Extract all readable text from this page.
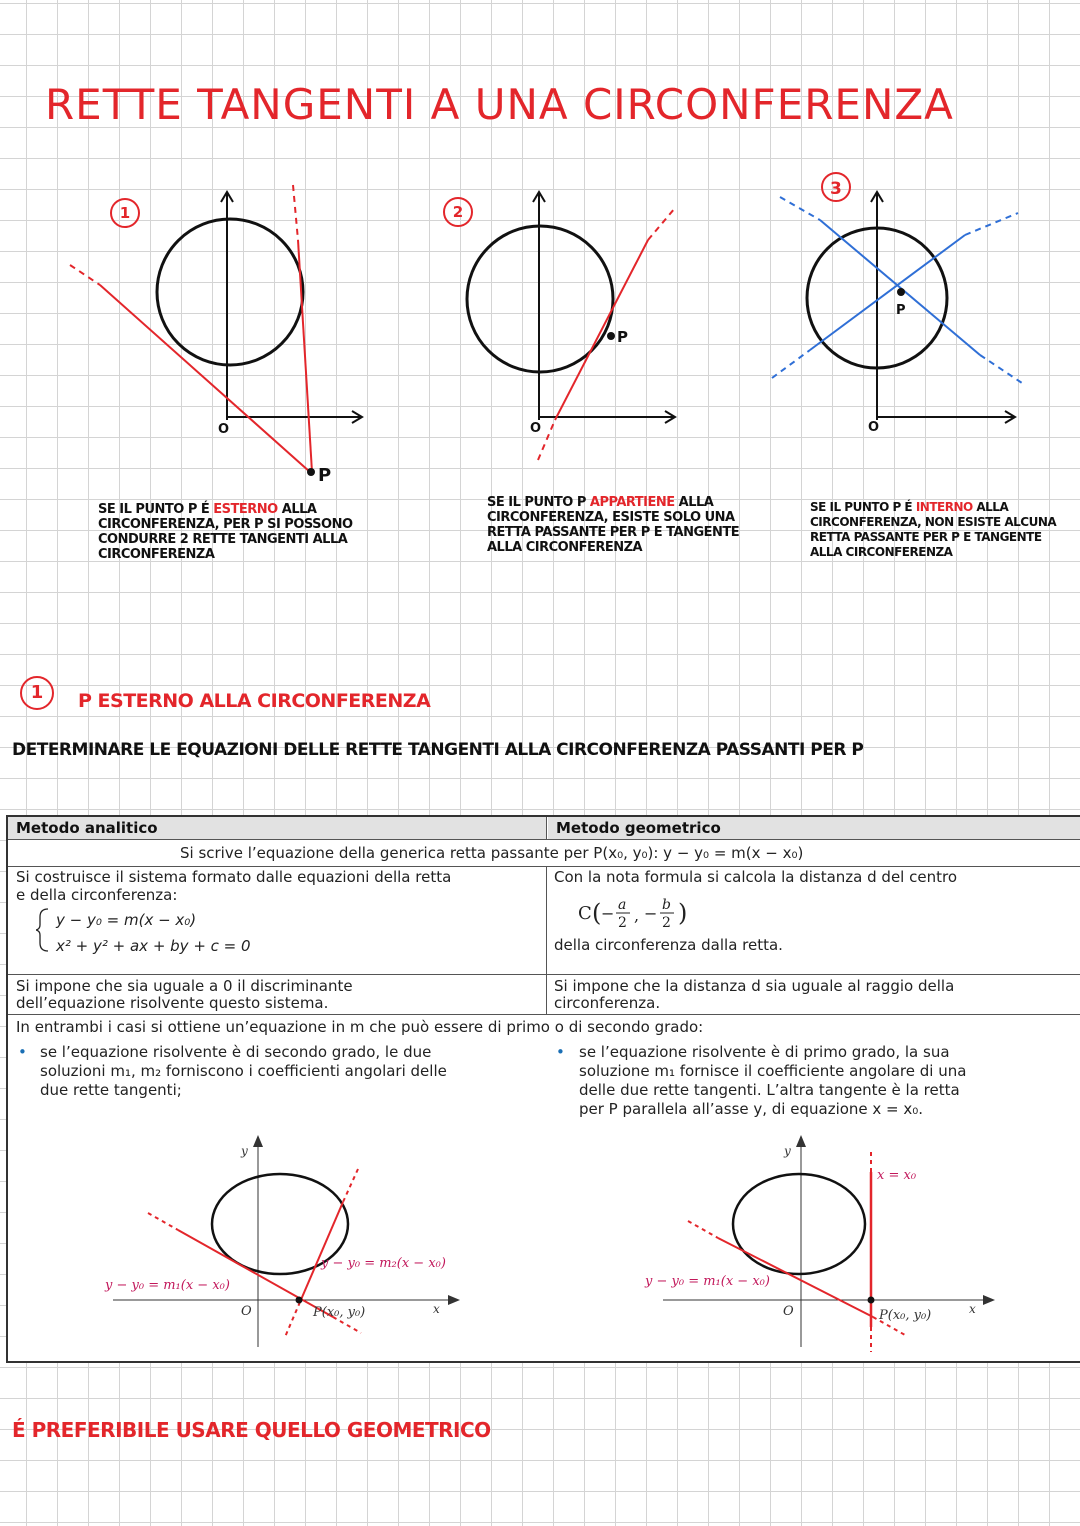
RETTE TANGENTI A UNA CIRCONFERENZA
1
P
O
2
P
O
3
P
O
SE IL PUNTO P É ESTERNO ALLA CIRCONFERENZA, PER P SI POSSONO CONDURRE 2 RETTE TANGENTI ALLA CIRCONFERENZA
SE IL PUNTO P APPARTIENE ALLA CIRCONFERENZA, ESISTE SOLO UNA RETTA PASSANTE PER P E TANGENTE ALLA CIRCONFERENZA
SE IL PUNTO P É INTERNO ALLA CIRCONFERENZA, NON ESISTE ALCUNA RETTA PASSANTE PER P E TANGENTE ALLA CIRCONFERENZA
1	P ESTERNO ALLA CIRCONFERENZA
DETERMINARE LE EQUAZIONI DELLE RETTE TANGENTI ALLA CIRCONFERENZA PASSANTI PER P
Metodo analitico	Metodo geometrico
Si scrive l’equazione della generica retta passante per P(x₀, y₀): y − y₀ = m(x − x₀)
Si costruisce il sistema formato dalle equazioni della retta
e della circonferenza:
y − y₀ = m(x − x₀)
x² + y² + ax + by + c = 0
Con la nota formula si calcola la distanza d del centro
C ( − a
2 , − b
2 )
della circonferenza dalla retta.
Si impone che sia uguale a 0 il discriminante
dell’equazione risolvente questo sistema.
Si impone che la distanza d sia uguale al raggio della
circonferenza.
In entrambi i casi si ottiene un’equazione in m che può essere di primo o di secondo grado:
• se l’equazione risolvente è di secondo grado, le due
soluzioni m₁, m₂ forniscono i coefficienti angolari delle
due rette tangenti;
• se l’equazione risolvente è di primo grado, la sua
soluzione m₁ fornisce il coefficiente angolare di una
delle due rette tangenti. L’altra tangente è la retta
per P parallela all’asse y, di equazione x = x₀.
y
x
O
y − y₀ = m₁(x − x₀)
y − y₀ = m₂(x − x₀)
P(x₀, y₀)
y
x
O
y − y₀ = m₁(x − x₀)
x = x₀
P(x₀, y₀)
É PREFERIBILE USARE QUELLO GEOMETRICO
